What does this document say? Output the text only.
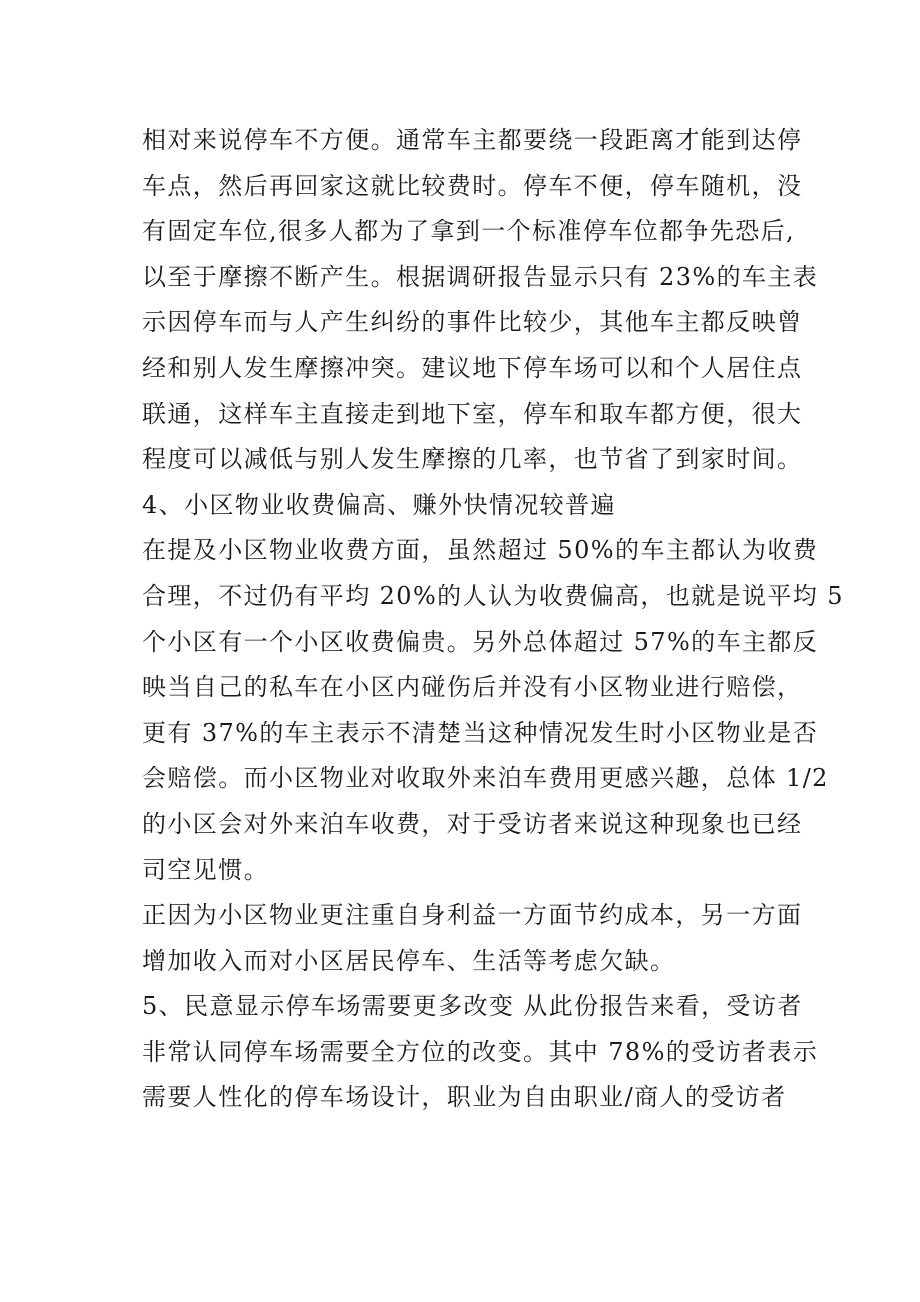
相对来说停车不方便。通常车主都要绕一段距离才能到达停
车点，然后再回家这就比较费时。停车不便，停车随机，没
有固定车位,很多人都为了拿到一个标准停车位都争先恐后,
以至于摩擦不断产生。根据调研报告显示只有 23%的车主表
示因停车而与人产生纠纷的事件比较少，其他车主都反映曾
经和别人发生摩擦冲突。建议地下停车场可以和个人居住点
联通，这样车主直接走到地下室，停车和取车都方便，很大
程度可以减低与别人发生摩擦的几率，也节省了到家时间。
4、小区物业收费偏高、赚外快情况较普遍
在提及小区物业收费方面，虽然超过 50%的车主都认为收费
合理，不过仍有平均 20%的人认为收费偏高，也就是说平均 5
个小区有一个小区收费偏贵。另外总体超过 57%的车主都反
映当自己的私车在小区内碰伤后并没有小区物业进行赔偿，
更有 37%的车主表示不清楚当这种情况发生时小区物业是否
会赔偿。而小区物业对收取外来泊车费用更感兴趣，总体 1/2
的小区会对外来泊车收费，对于受访者来说这种现象也已经
司空见惯。
正因为小区物业更注重自身利益一方面节约成本，另一方面
增加收入而对小区居民停车、生活等考虑欠缺。
5、民意显示停车场需要更多改变 从此份报告来看，受访者
非常认同停车场需要全方位的改变。其中 78%的受访者表示
需要人性化的停车场设计，职业为自由职业/商人的受访者
